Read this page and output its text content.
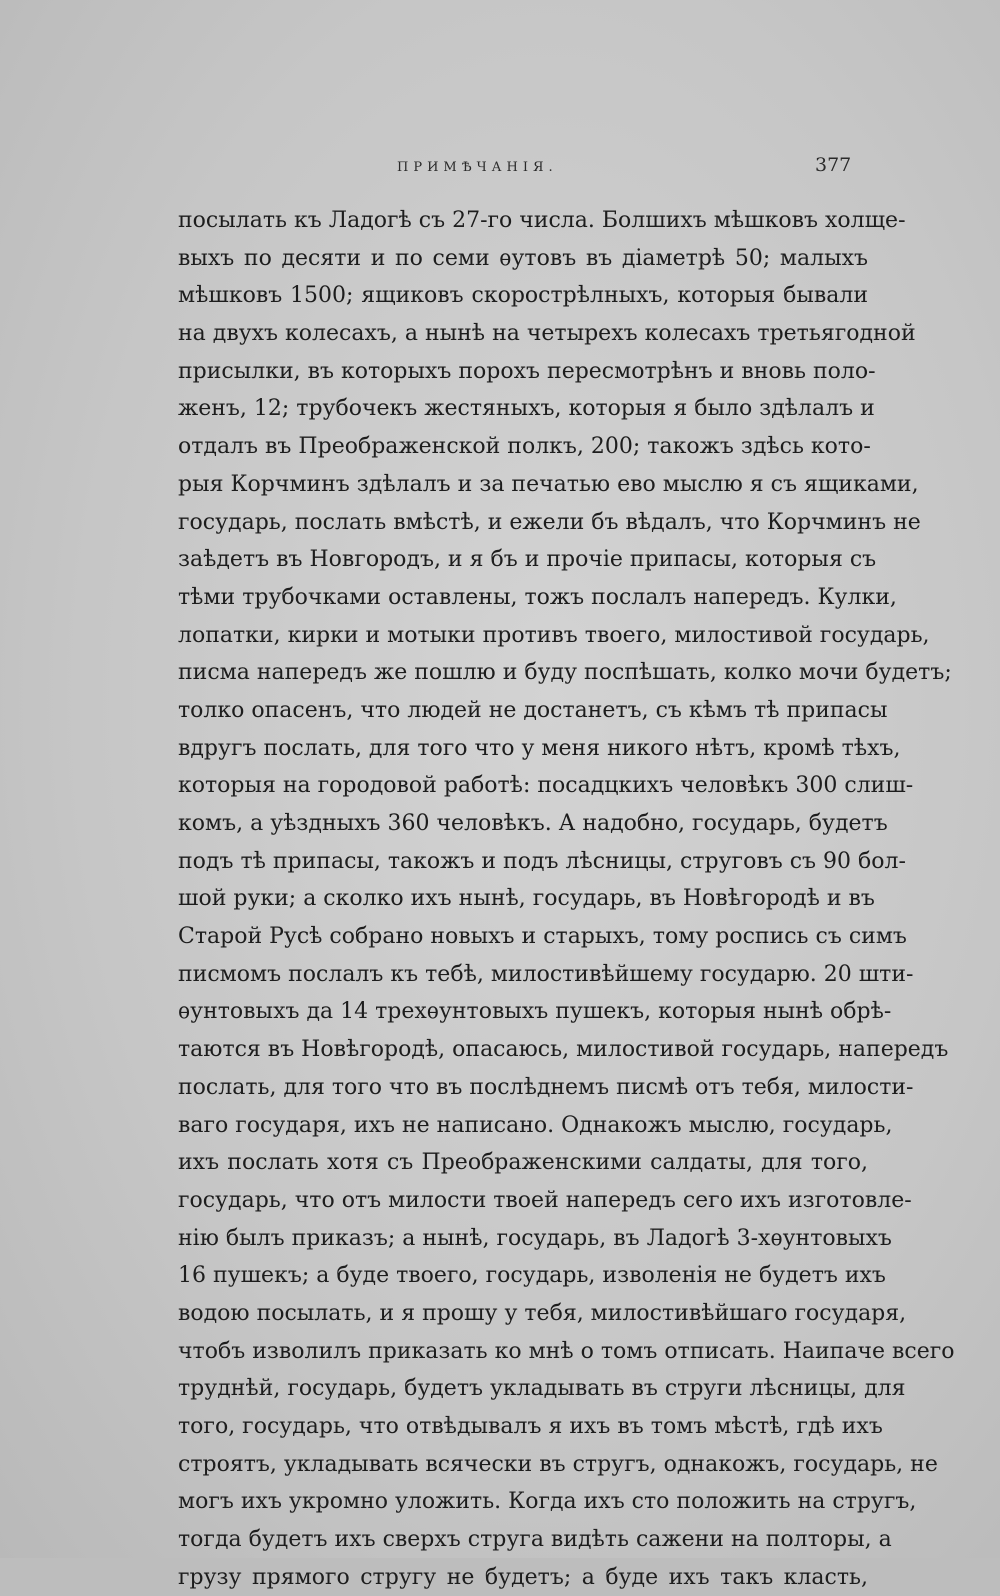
ПРИМѢЧАНІЯ.	377
посылать къ Ладогѣ съ 27-го числа. Болшихъ мѣшковъ холще-
выхъ по десяти и по семи ѳутовъ въ діаметрѣ 50; малыхъ
мѣшковъ 1500; ящиковъ скорострѣлныхъ, которыя бывали
на двухъ колесахъ, а нынѣ на четырехъ колесахъ третьягодной
присылки, въ которыхъ порохъ пересмотрѣнъ и вновь поло-
женъ, 12; трубочекъ жестяныхъ, которыя я было здѣлалъ и
отдалъ въ Преображенской полкъ, 200; такожъ здѣсь кото-
рыя Корчминъ здѣлалъ и за печатью ево мыслю я съ ящиками,
государь, послать вмѣстѣ, и ежели бъ вѣдалъ, что Корчминъ не
заѣдетъ въ Новгородъ, и я бъ и прочіе припасы, которыя съ
тѣми трубочками оставлены, тожъ послалъ напередъ. Кулки,
лопатки, кирки и мотыки противъ твоего, милостивой государь,
писма напередъ же пошлю и буду поспѣшать, колко мочи будетъ;
толко опасенъ, что людей не достанетъ, съ кѣмъ тѣ припасы
вдругъ послать, для того что у меня никого нѣтъ, кромѣ тѣхъ,
которыя на городовой работѣ: посадцкихъ человѣкъ 300 слиш-
комъ, а уѣздныхъ 360 человѣкъ. А надобно, государь, будетъ
подъ тѣ припасы, такожъ и подъ лѣсницы, струговъ съ 90 бол-
шой руки; а сколко ихъ нынѣ, государь, въ Новѣгородѣ и въ
Старой Русѣ собрано новыхъ и старыхъ, тому роспись съ симъ
писмомъ послалъ къ тебѣ, милостивѣйшему государю. 20 шти-
ѳунтовыхъ да 14 трехѳунтовыхъ пушекъ, которыя нынѣ обрѣ-
таются въ Новѣгородѣ, опасаюсь, милостивой государь, напередъ
послать, для того что въ послѣднемъ писмѣ отъ тебя, милости-
ваго государя, ихъ не написано. Однакожъ мыслю, государь,
ихъ послать хотя съ Преображенскими салдаты, для того,
государь, что отъ милости твоей напередъ сего ихъ изготовле-
нію былъ приказъ; а нынѣ, государь, въ Ладогѣ 3-хѳунтовыхъ
16 пушекъ; а буде твоего, государь, изволенія не будетъ ихъ
водою посылать, и я прошу у тебя, милостивѣйшаго государя,
чтобъ изволилъ приказать ко мнѣ о томъ отписать. Наипаче всего
труднѣй, государь, будетъ укладывать въ струги лѣсницы, для
того, государь, что отвѣдывалъ я ихъ въ томъ мѣстѣ, гдѣ ихъ
строятъ, укладывать всячески въ стругъ, однакожъ, государь, не
могъ ихъ укромно уложить. Когда ихъ сто положить на стругъ,
тогда будетъ ихъ сверхъ струга видѣть сажени на полторы, а
грузу прямого стругу не будетъ; а буде ихъ такъ класть,
